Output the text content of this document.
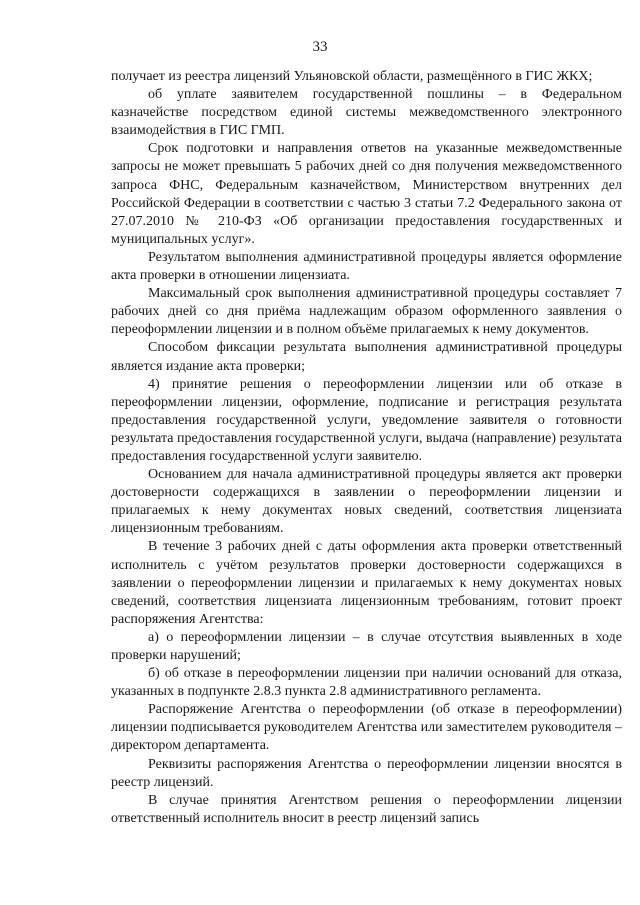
33

получает из реестра лицензий Ульяновской области, размещённого в ГИС ЖКХ;

об уплате заявителем государственной пошлины – в Федеральном казначействе посредством единой системы межведомственного электронного взаимодействия в ГИС ГМП.

Срок подготовки и направления ответов на указанные межведомственные запросы не может превышать 5 рабочих дней со дня получения межведомственного запроса ФНС, Федеральным казначейством, Министерством внутренних дел Российской Федерации в соответствии с частью 3 статьи 7.2 Федерального закона от 27.07.2010 № 210-ФЗ «Об организации предоставления государственных и муниципальных услуг».

Результатом выполнения административной процедуры является оформление акта проверки в отношении лицензиата.

Максимальный срок выполнения административной процедуры составляет 7 рабочих дней со дня приёма надлежащим образом оформленного заявления о переоформлении лицензии и в полном объёме прилагаемых к нему документов.

Способом фиксации результата выполнения административной процедуры является издание акта проверки;

4) принятие решения о переоформлении лицензии или об отказе в переоформлении лицензии, оформление, подписание и регистрация результата предоставления государственной услуги, уведомление заявителя о готовности результата предоставления государственной услуги, выдача (направление) результата предоставления государственной услуги заявителю.

Основанием для начала административной процедуры является акт проверки достоверности содержащихся в заявлении о переоформлении лицензии и прилагаемых к нему документах новых сведений, соответствия лицензиата лицензионным требованиям.

В течение 3 рабочих дней с даты оформления акта проверки ответственный исполнитель с учётом результатов проверки достоверности содержащихся в заявлении о переоформлении лицензии и прилагаемых к нему документах новых сведений, соответствия лицензиата лицензионным требованиям, готовит проект распоряжения Агентства:

а) о переоформлении лицензии – в случае отсутствия выявленных в ходе проверки нарушений;

б) об отказе в переоформлении лицензии при наличии оснований для отказа, указанных в подпункте 2.8.3 пункта 2.8 административного регламента.

Распоряжение Агентства о переоформлении (об отказе в переоформлении) лицензии подписывается руководителем Агентства или заместителем руководителя – директором департамента.

Реквизиты распоряжения Агентства о переоформлении лицензии вносятся в реестр лицензий.

В случае принятия Агентством решения о переоформлении лицензии ответственный исполнитель вносит в реестр лицензий запись
